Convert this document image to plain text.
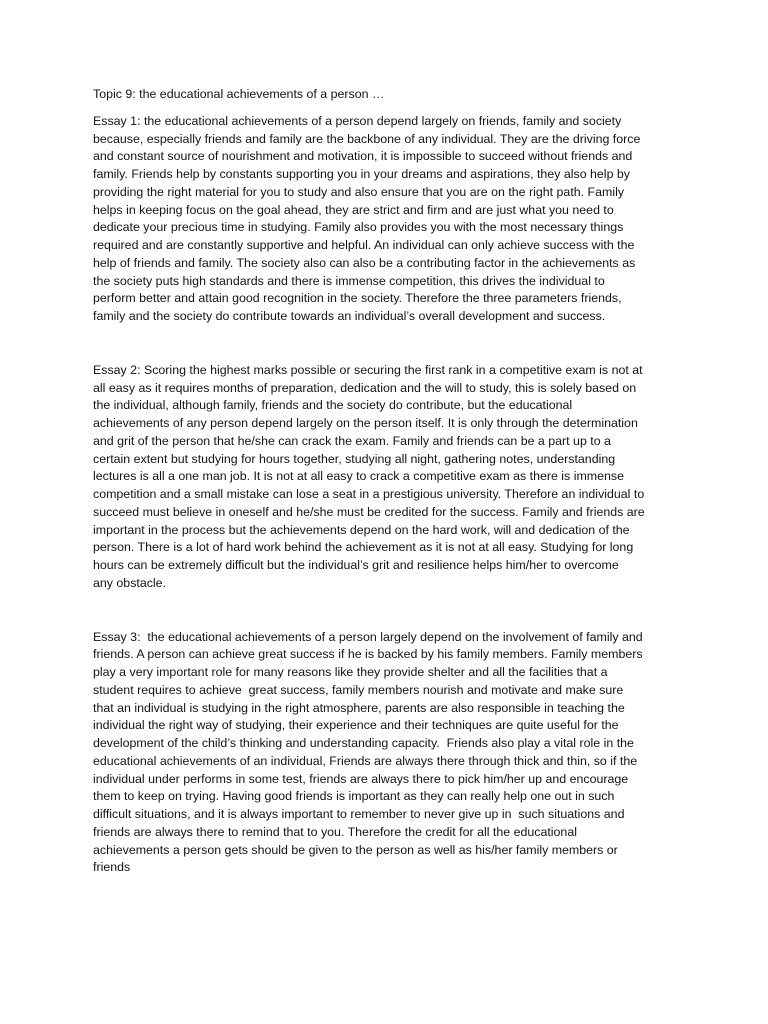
Topic 9: the educational achievements of a person …
Essay 1: the educational achievements of a person depend largely on friends, family and society
because, especially friends and family are the backbone of any individual. They are the driving force
and constant source of nourishment and motivation, it is impossible to succeed without friends and
family. Friends help by constants supporting you in your dreams and aspirations, they also help by
providing the right material for you to study and also ensure that you are on the right path. Family
helps in keeping focus on the goal ahead, they are strict and firm and are just what you need to
dedicate your precious time in studying. Family also provides you with the most necessary things
required and are constantly supportive and helpful. An individual can only achieve success with the
help of friends and family. The society also can also be a contributing factor in the achievements as
the society puts high standards and there is immense competition, this drives the individual to
perform better and attain good recognition in the society. Therefore the three parameters friends,
family and the society do contribute towards an individual’s overall development and success.
Essay 2: Scoring the highest marks possible or securing the first rank in a competitive exam is not at
all easy as it requires months of preparation, dedication and the will to study, this is solely based on
the individual, although family, friends and the society do contribute, but the educational
achievements of any person depend largely on the person itself. It is only through the determination
and grit of the person that he/she can crack the exam. Family and friends can be a part up to a
certain extent but studying for hours together, studying all night, gathering notes, understanding
lectures is all a one man job. It is not at all easy to crack a competitive exam as there is immense
competition and a small mistake can lose a seat in a prestigious university. Therefore an individual to
succeed must believe in oneself and he/she must be credited for the success. Family and friends are
important in the process but the achievements depend on the hard work, will and dedication of the
person. There is a lot of hard work behind the achievement as it is not at all easy. Studying for long
hours can be extremely difficult but the individual’s grit and resilience helps him/her to overcome
any obstacle.
Essay 3:  the educational achievements of a person largely depend on the involvement of family and
friends. A person can achieve great success if he is backed by his family members. Family members
play a very important role for many reasons like they provide shelter and all the facilities that a
student requires to achieve  great success, family members nourish and motivate and make sure
that an individual is studying in the right atmosphere, parents are also responsible in teaching the
individual the right way of studying, their experience and their techniques are quite useful for the
development of the child’s thinking and understanding capacity.  Friends also play a vital role in the
educational achievements of an individual, Friends are always there through thick and thin, so if the
individual under performs in some test, friends are always there to pick him/her up and encourage
them to keep on trying. Having good friends is important as they can really help one out in such
difficult situations, and it is always important to remember to never give up in  such situations and
friends are always there to remind that to you. Therefore the credit for all the educational
achievements a person gets should be given to the person as well as his/her family members or
friends
